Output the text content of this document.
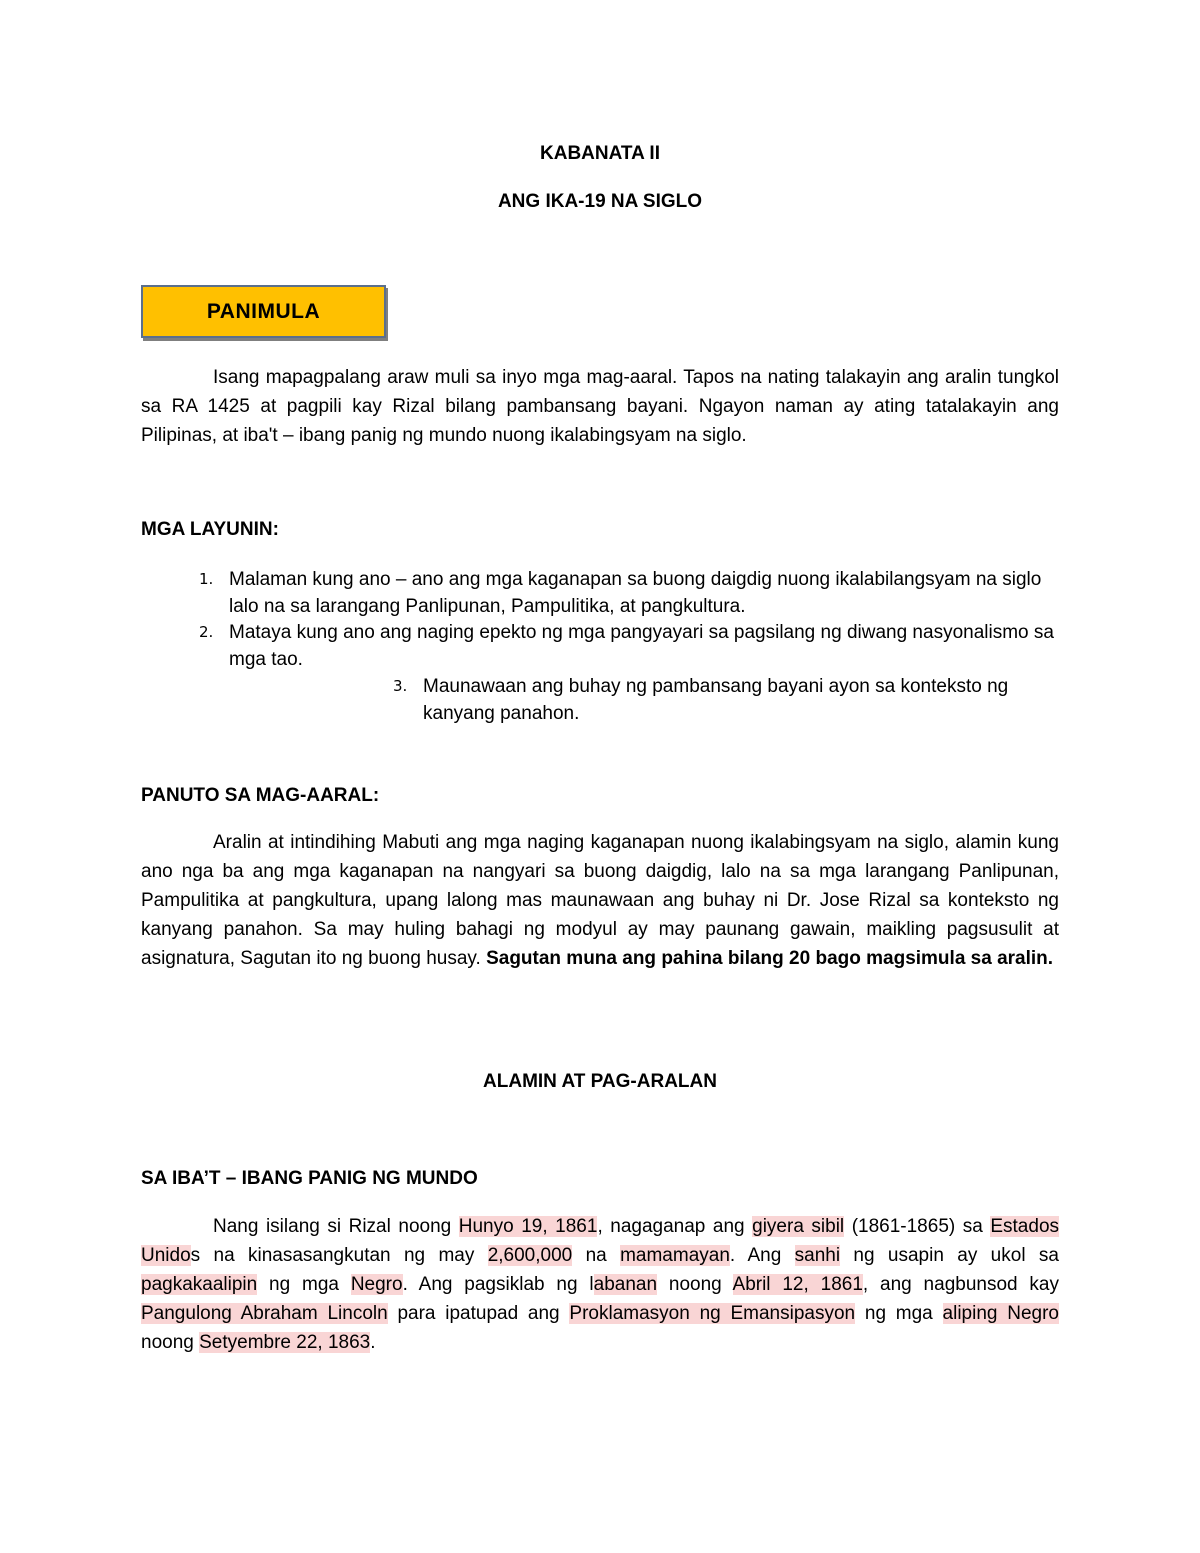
KABANATA II
ANG IKA-19 NA SIGLO
PANIMULA
Isang mapagpalang araw muli sa inyo mga mag-aaral. Tapos na nating talakayin ang aralin tungkol sa RA 1425 at pagpili kay Rizal bilang pambansang bayani. Ngayon naman ay ating tatalakayin ang Pilipinas, at iba't – ibang panig ng mundo nuong ikalabingsyam na siglo.
MGA LAYUNIN:
1. Malaman kung ano – ano ang mga kaganapan sa buong daigdig nuong ikalabilangsyam na siglo lalo na sa larangang Panlipunan, Pampulitika, at pangkultura.
2. Mataya kung ano ang naging epekto ng mga pangyayari sa pagsilang ng diwang nasyonalismo sa mga tao.
3. Maunawaan ang buhay ng pambansang bayani ayon sa konteksto ng kanyang panahon.
PANUTO SA MAG-AARAL:
Aralin at intindihing Mabuti ang mga naging kaganapan nuong ikalabingsyam na siglo, alamin kung ano nga ba ang mga kaganapan na nangyari sa buong daigdig, lalo na sa mga larangang Panlipunan, Pampulitika at pangkultura, upang lalong mas maunawaan ang buhay ni Dr. Jose Rizal sa konteksto ng kanyang panahon. Sa may huling bahagi ng modyul ay may paunang gawain, maikling pagsusulit at asignatura, Sagutan ito ng buong husay. Sagutan muna ang pahina bilang 20 bago magsimula sa aralin.
ALAMIN AT PAG-ARALAN
SA IBA’T – IBANG PANIG NG MUNDO
Nang isilang si Rizal noong Hunyo 19, 1861, nagaganap ang giyera sibil (1861-1865) sa Estados Unidos na kinasasangkutan ng may 2,600,000 na mamamayan. Ang sanhi ng usapin ay ukol sa pagkakaalipin ng mga Negro. Ang pagsiklab ng labanan noong Abril 12, 1861, ang nagbunsod kay Pangulong Abraham Lincoln para ipatupad ang Proklamasyon ng Emansipasyon ng mga aliping Negro noong Setyembre 22, 1863.
